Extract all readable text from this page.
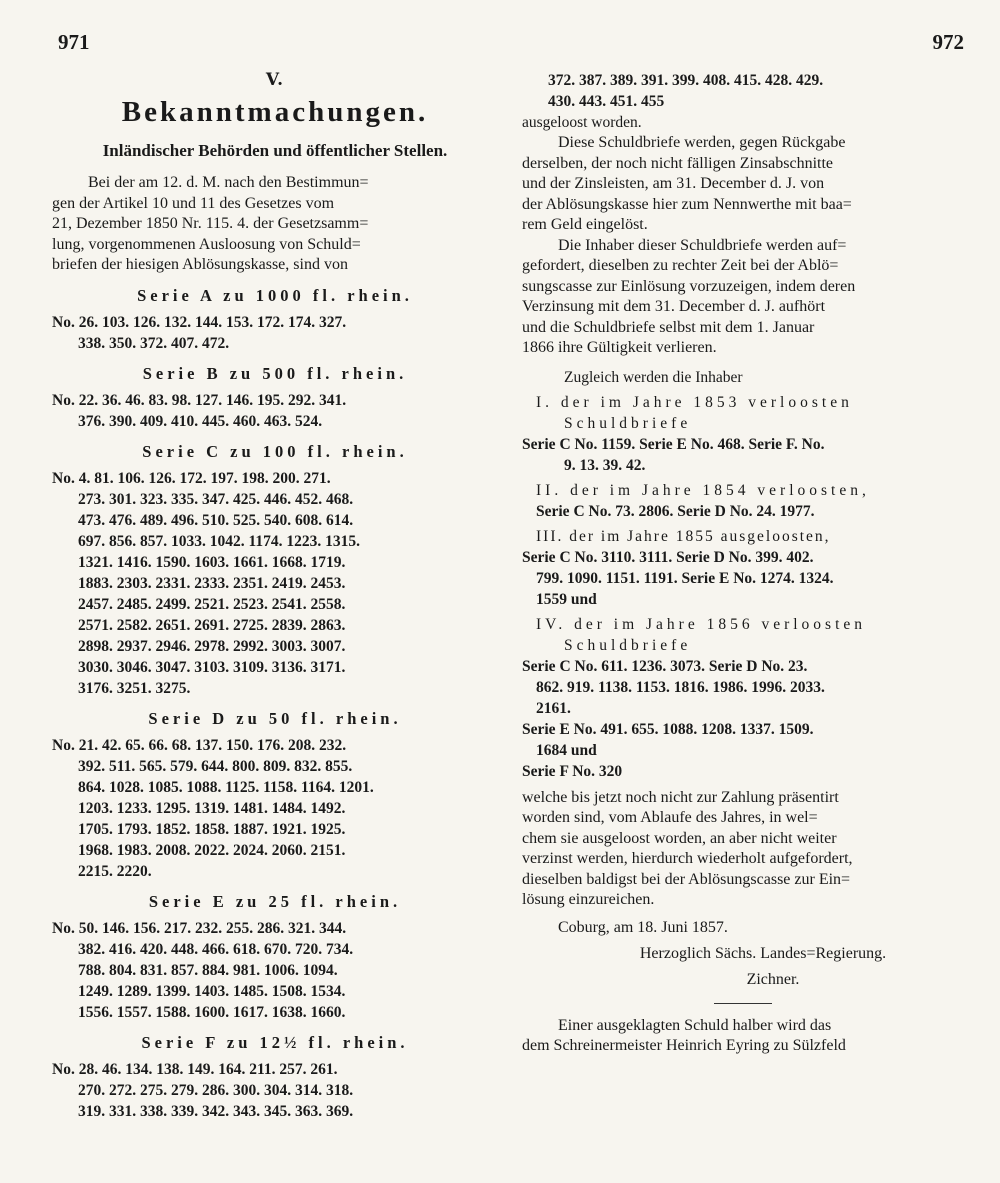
971	972
V.
Bekanntmachungen.
Inländischer Behörden und öffentlicher Stellen.
Bei der am 12. d. M. nach den Bestimmun=
gen der Artikel 10 und 11 des Gesetzes vom
21, Dezember 1850 Nr. 115. 4. der Gesetzsamm=
lung, vorgenommenen Ausloosung von Schuld=
briefen der hiesigen Ablösungskasse, sind von
Serie A zu 1000 fl. rhein.
No. 26. 103. 126. 132. 144. 153. 172. 174. 327.
338. 350. 372. 407. 472.
Serie B zu 500 fl. rhein.
No. 22. 36. 46. 83. 98. 127. 146. 195. 292. 341.
376. 390. 409. 410. 445. 460. 463. 524.
Serie C zu 100 fl. rhein.
No. 4. 81. 106. 126. 172. 197. 198. 200. 271.
273. 301. 323. 335. 347. 425. 446. 452. 468.
473. 476. 489. 496. 510. 525. 540. 608. 614.
697. 856. 857. 1033. 1042. 1174. 1223. 1315.
1321. 1416. 1590. 1603. 1661. 1668. 1719.
1883. 2303. 2331. 2333. 2351. 2419. 2453.
2457. 2485. 2499. 2521. 2523. 2541. 2558.
2571. 2582. 2651. 2691. 2725. 2839. 2863.
2898. 2937. 2946. 2978. 2992. 3003. 3007.
3030. 3046. 3047. 3103. 3109. 3136. 3171.
3176. 3251. 3275.
Serie D zu 50 fl. rhein.
No. 21. 42. 65. 66. 68. 137. 150. 176. 208. 232.
392. 511. 565. 579. 644. 800. 809. 832. 855.
864. 1028. 1085. 1088. 1125. 1158. 1164. 1201.
1203. 1233. 1295. 1319. 1481. 1484. 1492.
1705. 1793. 1852. 1858. 1887. 1921. 1925.
1968. 1983. 2008. 2022. 2024. 2060. 2151.
2215. 2220.
Serie E zu 25 fl. rhein.
No. 50. 146. 156. 217. 232. 255. 286. 321. 344.
382. 416. 420. 448. 466. 618. 670. 720. 734.
788. 804. 831. 857. 884. 981. 1006. 1094.
1249. 1289. 1399. 1403. 1485. 1508. 1534.
1556. 1557. 1588. 1600. 1617. 1638. 1660.
Serie F zu 12½ fl. rhein.
No. 28. 46. 134. 138. 149. 164. 211. 257. 261.
270. 272. 275. 279. 286. 300. 304. 314. 318.
319. 331. 338. 339. 342. 343. 345. 363. 369.
372. 387. 389. 391. 399. 408. 415. 428. 429.
430. 443. 451. 455
ausgeloost worden.
Diese Schuldbriefe werden, gegen Rückgabe
derselben, der noch nicht fälligen Zinsabschnitte
und der Zinsleisten, am 31. December d. J. von
der Ablösungskasse hier zum Nennwerthe mit baa=
rem Geld eingelöst.
Die Inhaber dieser Schuldbriefe werden auf=
gefordert, dieselben zu rechter Zeit bei der Ablö=
sungscasse zur Einlösung vorzuzeigen, indem deren
Verzinsung mit dem 31. December d. J. aufhört
und die Schuldbriefe selbst mit dem 1. Januar
1866 ihre Gültigkeit verlieren.
Zugleich werden die Inhaber
I. der im Jahre 1853 verloosten
Schuldbriefe
Serie C No. 1159. Serie E No. 468. Serie F. No.
9. 13. 39. 42.
II. der im Jahre 1854 verloosten,
Serie C No. 73. 2806. Serie D No. 24. 1977.
III. der im Jahre 1855 ausgeloosten,
Serie C No. 3110. 3111. Serie D No. 399. 402.
799. 1090. 1151. 1191. Serie E No. 1274. 1324.
1559 und
IV. der im Jahre 1856 verloosten
Schuldbriefe
Serie C No. 611. 1236. 3073. Serie D No. 23.
862. 919. 1138. 1153. 1816. 1986. 1996. 2033.
2161.
Serie E No. 491. 655. 1088. 1208. 1337. 1509.
1684 und
Serie F No. 320
welche bis jetzt noch nicht zur Zahlung präsentirt
worden sind, vom Ablaufe des Jahres, in wel=
chem sie ausgeloost worden, an aber nicht weiter
verzinst werden, hierdurch wiederholt aufgefordert,
dieselben baldigst bei der Ablösungscasse zur Ein=
lösung einzureichen.
Coburg, am 18. Juni 1857.
Herzoglich Sächs. Landes=Regierung.
Zichner.
Einer ausgeklagten Schuld halber wird das
dem Schreinermeister Heinrich Eyring zu Sülzfeld
